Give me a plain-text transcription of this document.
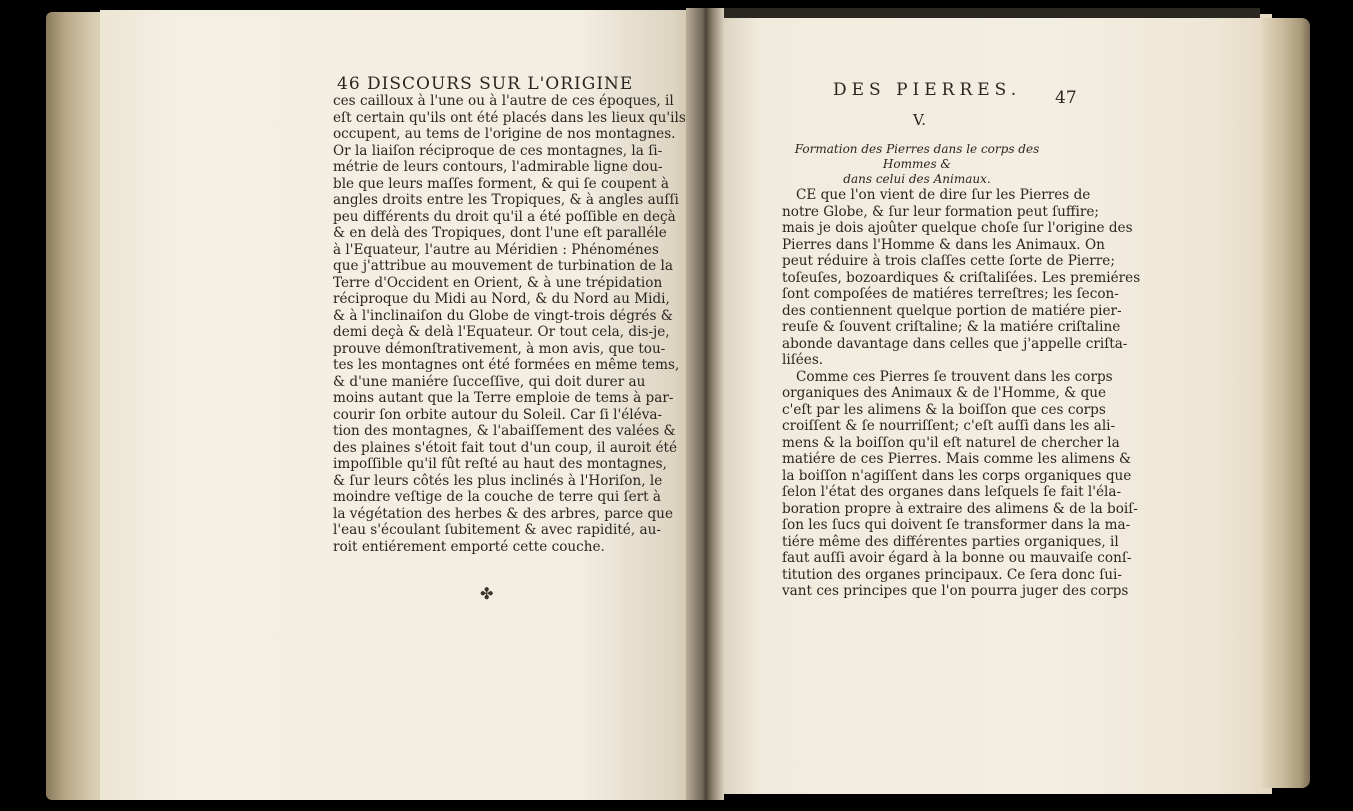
46 DISCOURS SUR L'ORIGINE
ces cailloux à l'une ou à l'autre de ces époques, il
eſt certain qu'ils ont été placés dans les lieux qu'ils
occupent, au tems de l'origine de nos montagnes.
Or la liaiſon réciproque de ces montagnes, la ſi-
métrie de leurs contours, l'admirable ligne dou-
ble que leurs maſſes forment, & qui ſe coupent à
angles droits entre les Tropiques, & à angles auſſi
peu différents du droit qu'il a été poſſible en deçà
& en delà des Tropiques, dont l'une eſt paralléle
à l'Equateur, l'autre au Méridien : Phénoménes
que j'attribue au mouvement de turbination de la
Terre d'Occident en Orient, & à une trépidation
réciproque du Midi au Nord, & du Nord au Midi,
& à l'inclinaiſon du Globe de vingt-trois dégrés &
demi deçà & delà l'Equateur. Or tout cela, dis-je,
prouve démonſtrativement, à mon avis, que tou-
tes les montagnes ont été formées en même tems,
& d'une maniére ſucceſſive, qui doit durer au
moins autant que la Terre emploie de tems à par-
courir ſon orbite autour du Soleil. Car ſi l'éléva-
tion des montagnes, & l'abaiſſement des valées &
des plaines s'étoit fait tout d'un coup, il auroit été
impoſſible qu'il fût reſté au haut des montagnes,
& ſur leurs côtés les plus inclinés à l'Horiſon, le
moindre veſtige de la couche de terre qui ſert à
la végétation des herbes & des arbres, parce que
l'eau s'écoulant ſubitement & avec rapidité, au-
roit entiérement emporté cette couche.
✤
DES PIERRES. 47
V.
Formation des Pierres dans le corps des Hommes &
dans celui des Animaux.
CE que l'on vient de dire ſur les Pierres de
notre Globe, & ſur leur formation peut ſuffire;
mais je dois ajoûter quelque choſe ſur l'origine des
Pierres dans l'Homme & dans les Animaux. On
peut réduire à trois claſſes cette ſorte de Pierre;
toſeuſes, bozoardiques & criſtaliſées. Les premiéres
ſont compoſées de matiéres terreſtres; les ſecon-
des contiennent quelque portion de matiére pier-
reuſe & ſouvent criſtaline; & la matiére criſtaline
abonde davantage dans celles que j'appelle criſta-
liſées.
Comme ces Pierres ſe trouvent dans les corps
organiques des Animaux & de l'Homme, & que
c'eſt par les alimens & la boiſſon que ces corps
croiſſent & ſe nourriſſent; c'eſt auſſi dans les ali-
mens & la boiſſon qu'il eſt naturel de chercher la
matiére de ces Pierres. Mais comme les alimens &
la boiſſon n'agiſſent dans les corps organiques que
ſelon l'état des organes dans leſquels ſe fait l'éla-
boration propre à extraire des alimens & de la boiſ-
ſon les ſucs qui doivent ſe transformer dans la ma-
tiére même des différentes parties organiques, il
faut auſſi avoir égard à la bonne ou mauvaiſe conſ-
titution des organes principaux. Ce ſera donc ſui-
vant ces principes que l'on pourra juger des corps
